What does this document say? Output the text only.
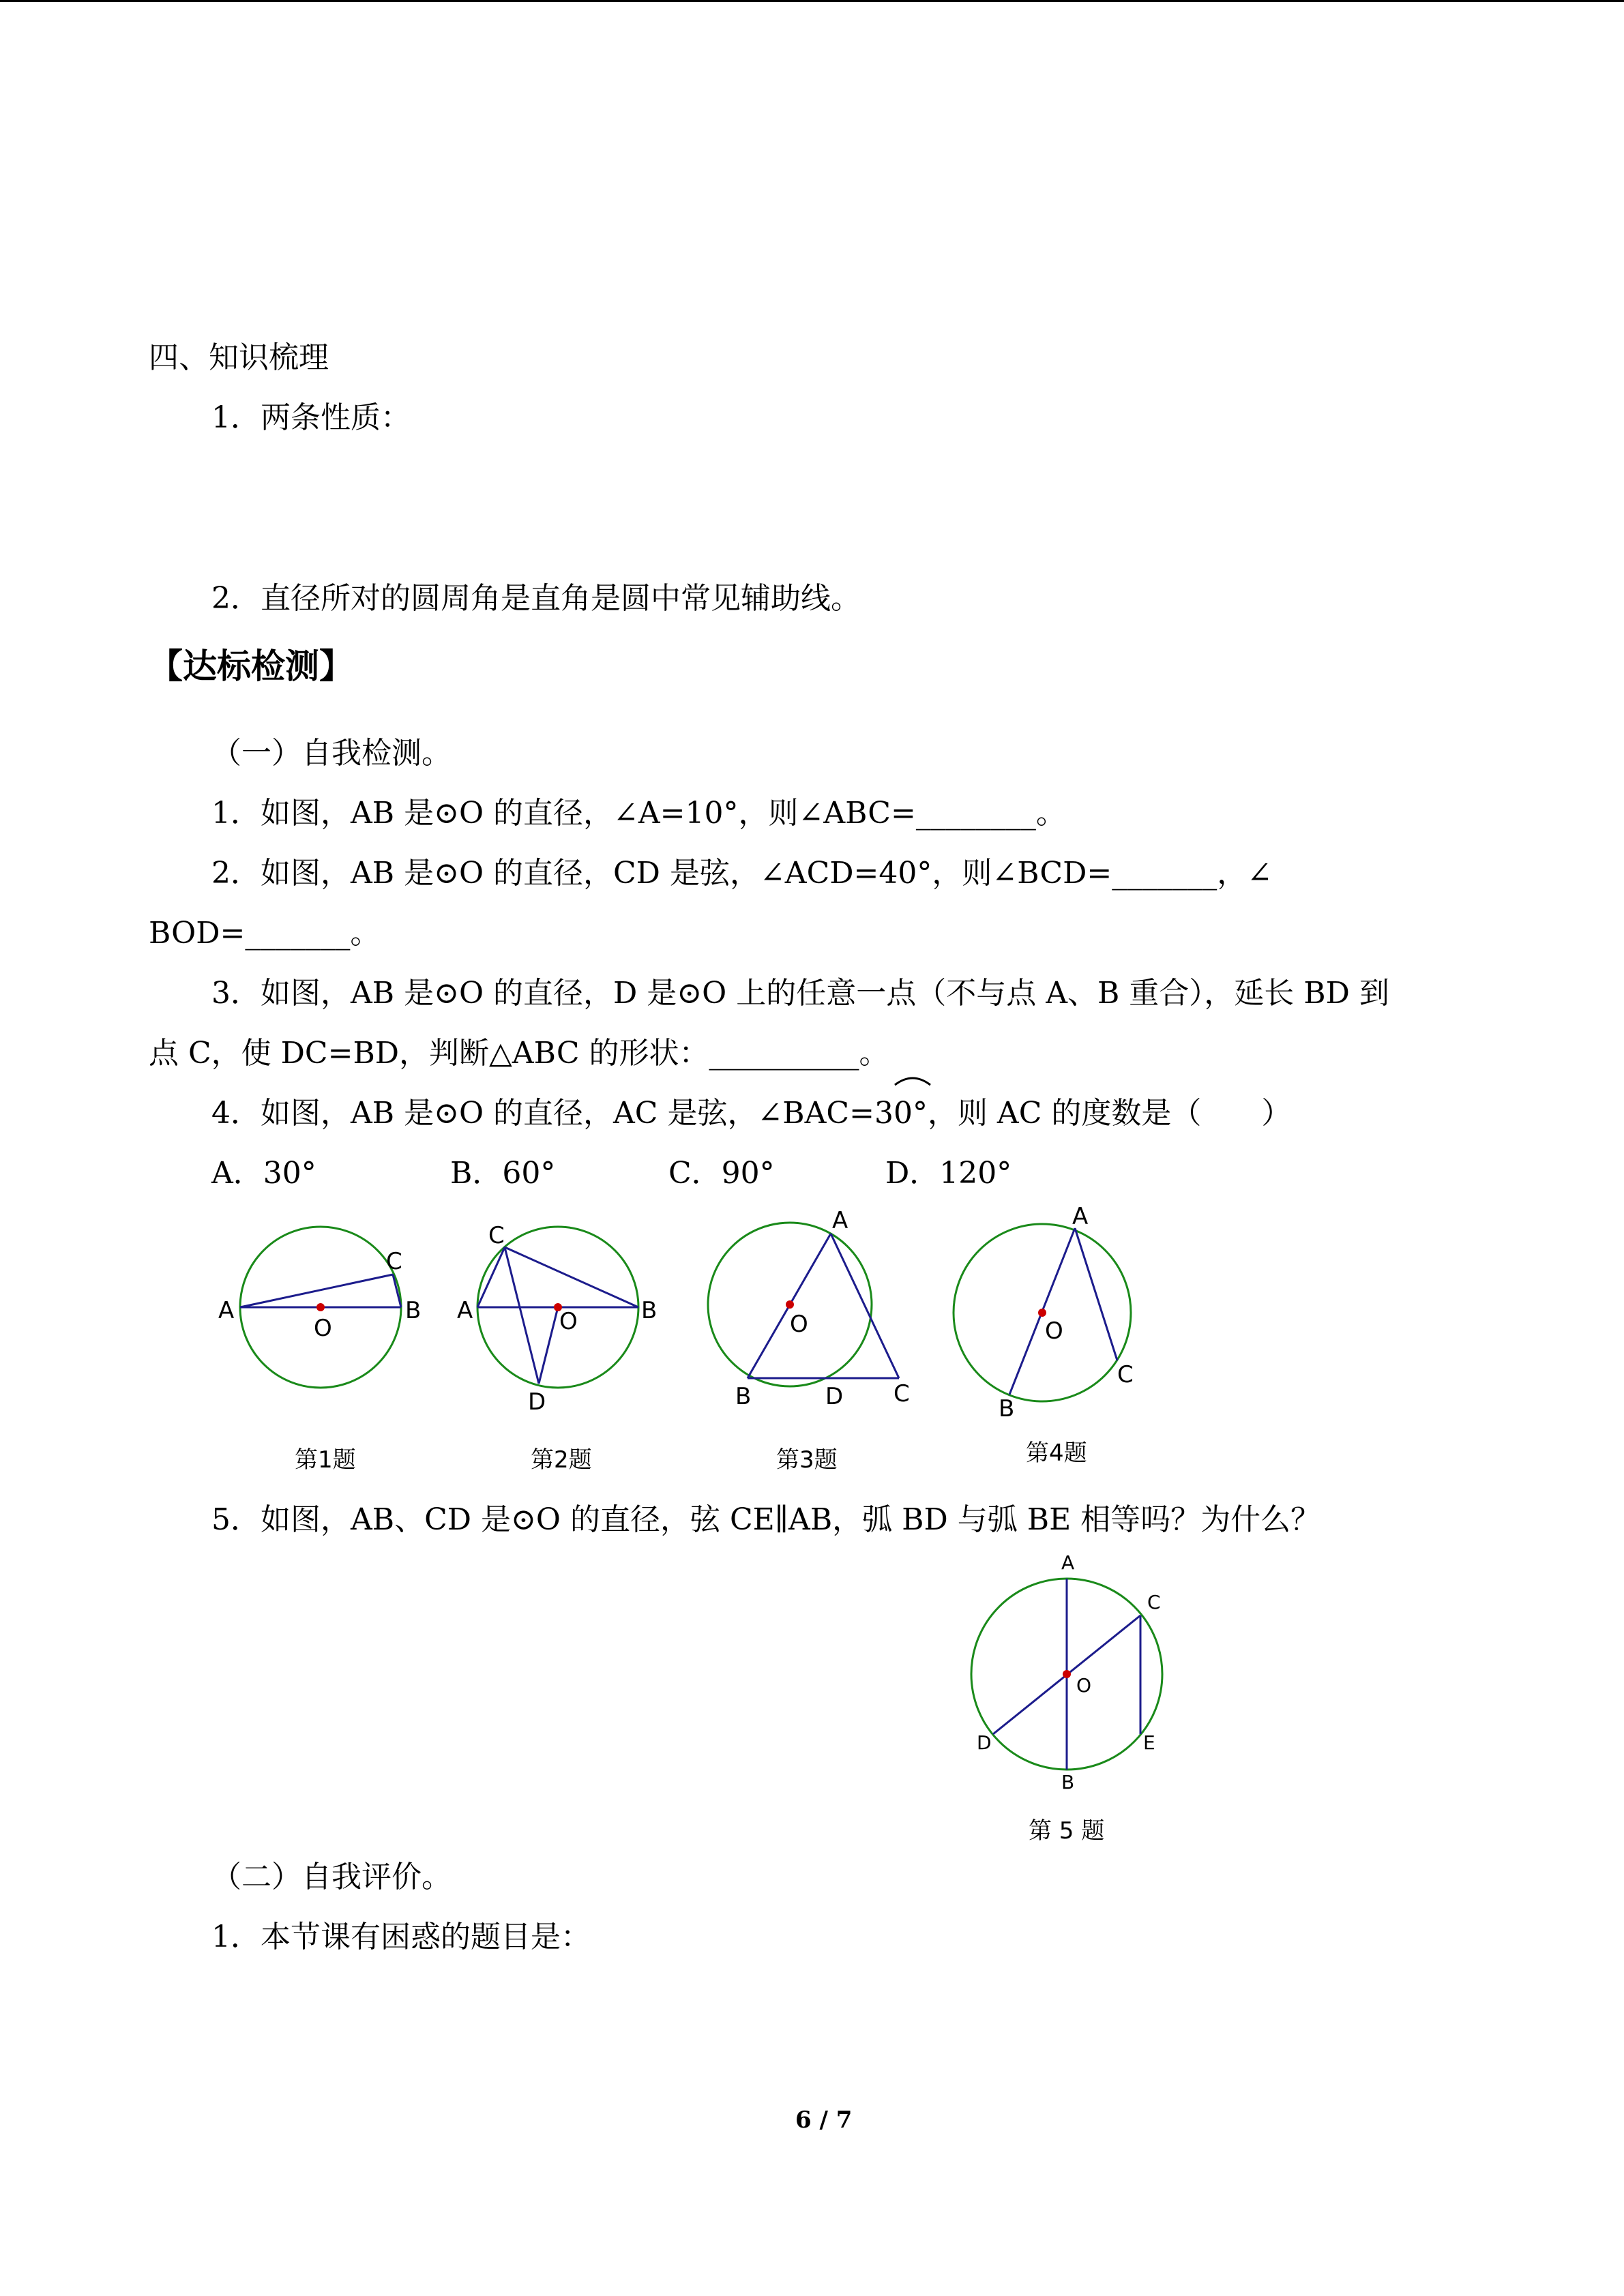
四、知识梳理
1．两条性质：
2．直径所对的圆周角是直角是圆中常见辅助线。
【达标检测】
（一）自我检测。
1．如图，AB 是⊙O 的直径，∠A=10°，则∠ABC=________。
2．如图，AB 是⊙O 的直径，CD 是弦，∠ACD=40°，则∠BCD=_______，∠
BOD=_______。
3．如图，AB 是⊙O 的直径，D 是⊙O 上的任意一点（不与点 A、B 重合），延长 BD 到
点 C，使 DC=BD，判断△ABC 的形状：__________。
4．如图，AB 是⊙O 的直径，AC 是弦，∠BAC=30°，则 AC 的度数是（　　）
A．30°	B．60°	C．90°	D．120°
A	B
C
O
第1题
A	B
C
D
O
第2题
A
B	D C
O
第3题
A
B
C
O
第4题
5．如图，AB、CD 是⊙O 的直径，弦 CE∥AB，弧 BD 与弧 BE 相等吗？为什么？
A
C
O
D	E
B
第 5 题
（二）自我评价。
1．本节课有困惑的题目是：
6 / 7
